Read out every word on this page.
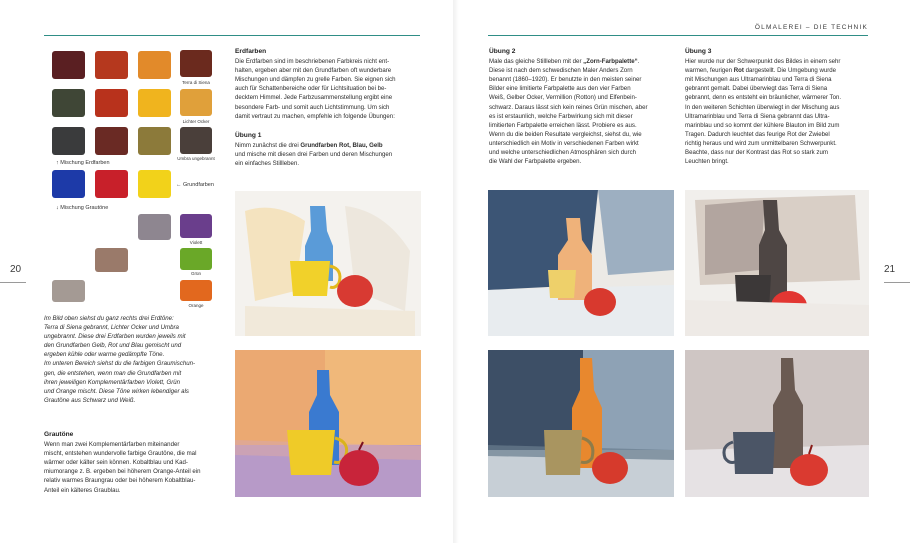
ÖLMALEREI – DIE TECHNIK
20	21
Terra di Siena
Lichter Ocker
Umbra ungebrannt
↑ Mischung Erdfarben
← Grundfarben
↓ Mischung Grautöne
Violett
Grün
Orange

Im Bild oben siehst du ganz rechts drei Erdtöne:

Terra di Siena gebrannt, Lichter Ocker und Umbra

ungebrannt. Diese drei Erdfarben wurden jeweils mit

den Grundfarben Gelb, Rot und Blau gemischt und

ergeben kühle oder warme gedämpfte Töne.

Im unteren Bereich siehst du die farbigen Graumischun-

gen, die entstehen, wenn man die Grundfarben mit

ihren jeweiligen Komplementärfarben Violett, Grün

und Orange mischt. Diese Töne wirken lebendiger als

Grautöne aus Schwarz und Weiß.

Grautöne

Wenn man zwei Komplementärfarben miteinander

mischt, entstehen wundervolle farbige Grautöne, die mal

wärmer oder kälter sein können. Kobaltblau und Kad-

miumorange z. B. ergeben bei höherem Orange-Anteil ein

relativ warmes Braungrau oder bei höherem Kobaltblau-

Anteil ein kälteres Graublau.

Erdfarben

Die Erdfarben sind im beschriebenen Farbkreis nicht ent-

halten, ergeben aber mit den Grundfarben oft wunderbare

Mischungen und dämpfen zu grelle Farben. Sie eignen sich

auch für Schattenbereiche oder für Lichtsituation bei be-

decktem Himmel. Jede Farbzusammenstellung ergibt eine

besondere Farb- und somit auch Lichtstimmung. Um sich

damit vertraut zu machen, empfehle ich folgende Übungen:

Übung 1

Nimm zunächst die drei Grundfarben Rot, Blau, Gelb

und mische mit diesen drei Farben und deren Mischungen

ein einfaches Stillleben.

Übung 2

Male das gleiche Stillleben mit der „Zorn-Farbpalette“.

Diese ist nach dem schwedischen Maler Anders Zorn

benannt (1860–1920). Er benutzte in den meisten seiner

Bilder eine limitierte Farbpalette aus den vier Farben

Weiß, Gelber Ocker, Vermillion (Rotton) und Elfenbein-

schwarz. Daraus lässt sich kein reines Grün mischen, aber

es ist erstaunlich, welche Farbwirkung sich mit dieser

limitierten Farbpalette erreichen lässt. Probiere es aus.

Wenn du die beiden Resultate vergleichst, siehst du, wie

unterschiedlich ein Motiv in verschiedenen Farben wirkt

und welche unterschiedlichen Atmosphären sich durch

die Wahl der Farbpalette ergeben.

Übung 3

Hier wurde nur der Schwerpunkt des Bildes in einem sehr

warmen, feurigen Rot dargestellt. Die Umgebung wurde

mit Mischungen aus Ultramarinblau und Terra di Siena

gebrannt gemalt. Dabei überwiegt das Terra di Siena

gebrannt, denn es entsteht ein bräunlicher, wärmerer Ton.

In den weiteren Schichten überwiegt in der Mischung aus

Ultramarinblau und Terra di Siena gebrannt das Ultra-

marinblau und so kommt der kühlere Blauton im Bild zum

Tragen. Dadurch leuchtet das feurige Rot der Zwiebel

richtig heraus und wird zum unmittelbaren Schwerpunkt.

Beachte, dass nur der Kontrast das Rot so stark zum

Leuchten bringt.
